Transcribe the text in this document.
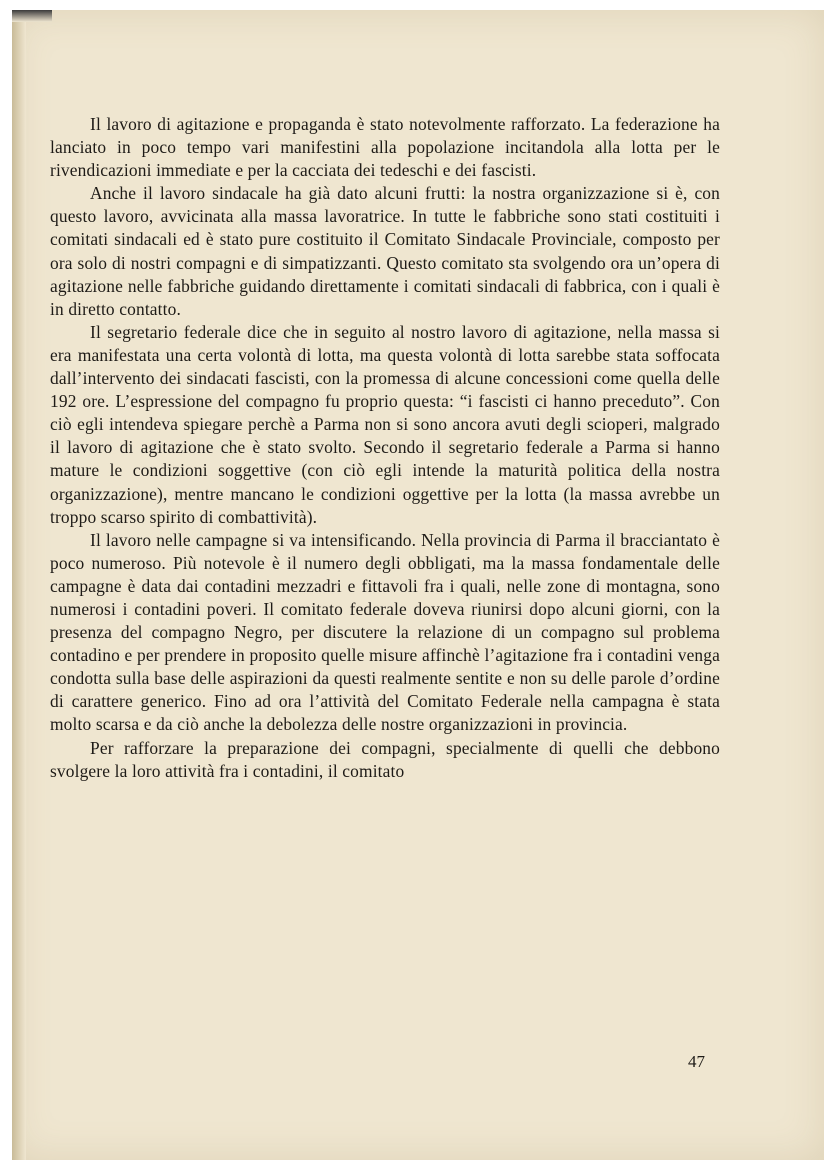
Il lavoro di agitazione e propaganda è stato notevolmente rafforzato. La federazione ha lanciato in poco tempo vari manifestini alla popolazione incitandola alla lotta per le rivendicazioni immediate e per la cacciata dei tedeschi e dei fascisti.

Anche il lavoro sindacale ha già dato alcuni frutti: la nostra organizzazione si è, con questo lavoro, avvicinata alla massa lavoratrice. In tutte le fabbriche sono stati costituiti i comitati sindacali ed è stato pure costituito il Comitato Sindacale Provinciale, composto per ora solo di nostri compagni e di simpatizzanti. Questo comitato sta svolgendo ora un’opera di agitazione nelle fabbriche guidando direttamente i comitati sindacali di fabbrica, con i quali è in diretto contatto.

Il segretario federale dice che in seguito al nostro lavoro di agitazione, nella massa si era manifestata una certa volontà di lotta, ma questa volontà di lotta sarebbe stata soffocata dall’intervento dei sindacati fascisti, con la promessa di alcune concessioni come quella delle 192 ore. L’espressione del compagno fu proprio questa: “i fascisti ci hanno preceduto”. Con ciò egli intendeva spiegare perchè a Parma non si sono ancora avuti degli scioperi, malgrado il lavoro di agitazione che è stato svolto. Secondo il segretario federale a Parma si hanno mature le condizioni soggettive (con ciò egli intende la maturità politica della nostra organizzazione), mentre mancano le condizioni oggettive per la lotta (la massa avrebbe un troppo scarso spirito di combattività).

Il lavoro nelle campagne si va intensificando. Nella provincia di Parma il bracciantato è poco numeroso. Più notevole è il numero degli obbligati, ma la massa fondamentale delle campagne è data dai contadini mezzadri e fittavoli fra i quali, nelle zone di montagna, sono numerosi i contadini poveri. Il comitato federale doveva riunirsi dopo alcuni giorni, con la presenza del compagno Negro, per discutere la relazione di un compagno sul problema contadino e per prendere in proposito quelle misure affinchè l’agitazione fra i contadini venga condotta sulla base delle aspirazioni da questi realmente sentite e non su delle parole d’ordine di carattere generico. Fino ad ora l’attività del Comitato Federale nella campagna è stata molto scarsa e da ciò anche la debolezza delle nostre organizzazioni in provincia.

Per rafforzare la preparazione dei compagni, specialmente di quelli che debbono svolgere la loro attività fra i contadini, il comitato

47
